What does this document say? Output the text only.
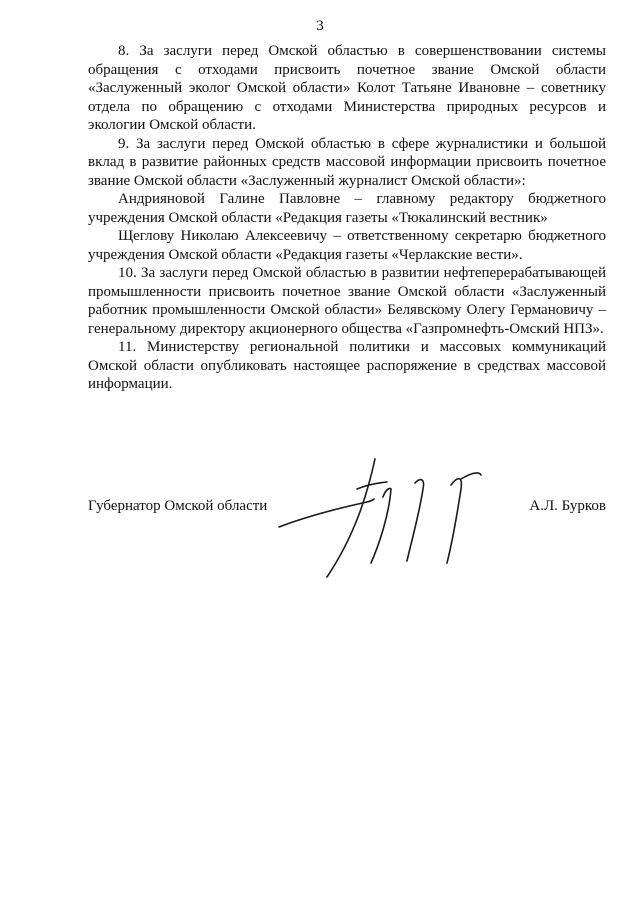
3

8. За заслуги перед Омской областью в совершенствовании системы обращения с отходами присвоить почетное звание Омской области «Заслуженный эколог Омской области» Колот Татьяне Ивановне – советнику отдела по обращению с отходами Министерства природных ресурсов и экологии Омской области.

9. За заслуги перед Омской областью в сфере журналистики и большой вклад в развитие районных средств массовой информации присвоить почетное звание Омской области «Заслуженный журналист Омской области»:

Андрияновой Галине Павловне – главному редактору бюджетного учреждения Омской области «Редакция газеты «Тюкалинский вестник»

Щеглову Николаю Алексеевичу – ответственному секретарю бюджетного учреждения Омской области «Редакция газеты «Черлакские вести».

10. За заслуги перед Омской областью в развитии нефтеперерабатывающей промышленности присвоить почетное звание Омской области «Заслуженный работник промышленности Омской области» Белявскому Олегу Германовичу – генеральному директору акционерного общества «Газпромнефть-Омский НПЗ».

11. Министерству региональной политики и массовых коммуникаций Омской области опубликовать настоящее распоряжение в средствах массовой информации.

Губернатор Омской области	А.Л. Бурков
